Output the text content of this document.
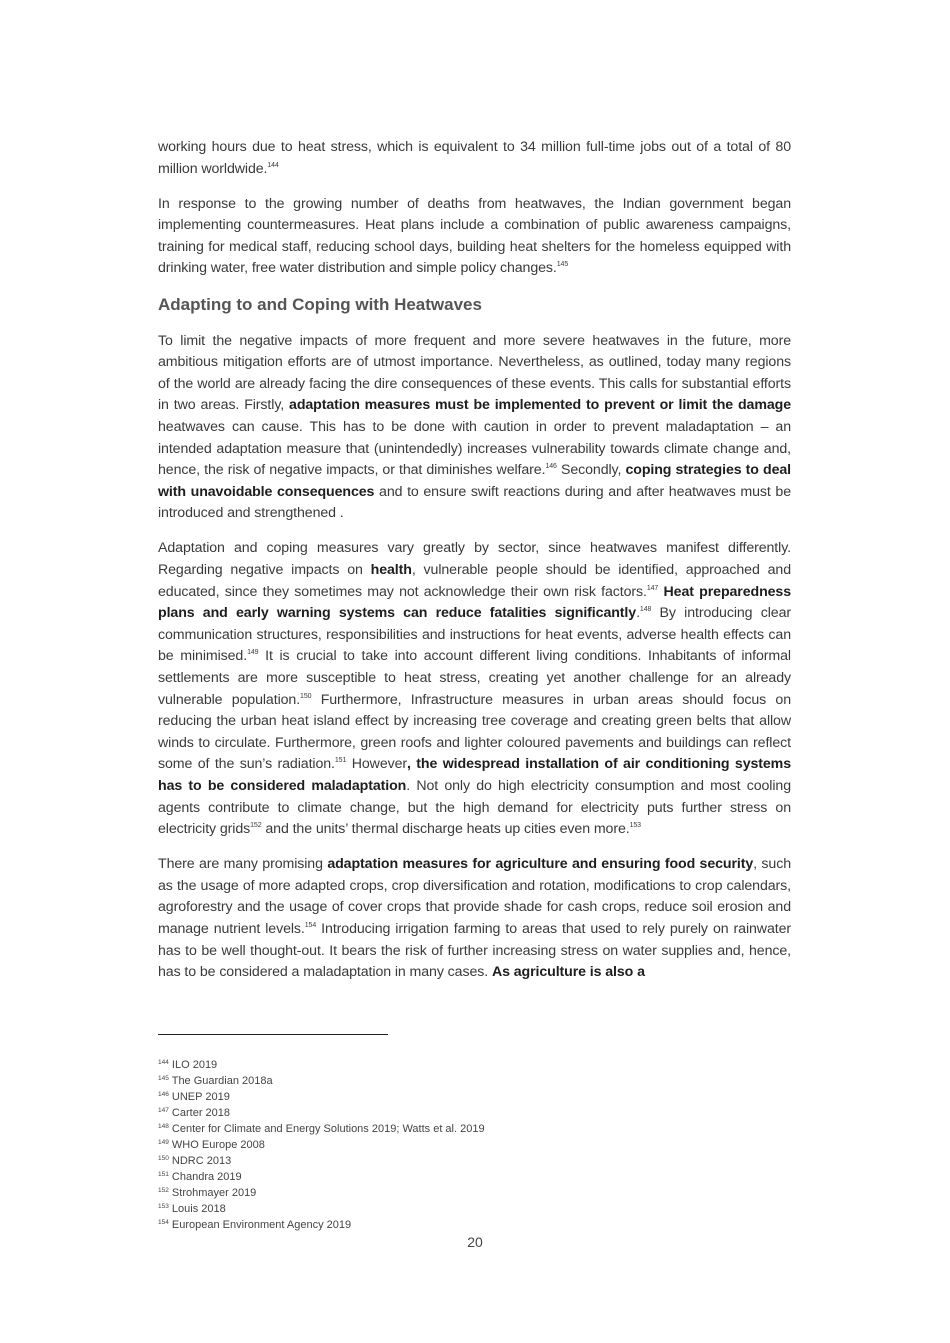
working hours due to heat stress, which is equivalent to 34 million full-time jobs out of a total of 80 million worldwide.$^{144}$

In response to the growing number of deaths from heatwaves, the Indian government began implementing countermeasures. Heat plans include a combination of public awareness campaigns, training for medical staff, reducing school days, building heat shelters for the homeless equipped with drinking water, free water distribution and simple policy changes.$^{145}$

Adapting to and Coping with Heatwaves

To limit the negative impacts of more frequent and more severe heatwaves in the future, more ambitious mitigation efforts are of utmost importance. Nevertheless, as outlined, today many regions of the world are already facing the dire consequences of these events. This calls for substantial efforts in two areas. Firstly, adaptation measures must be implemented to prevent or limit the damage heatwaves can cause. This has to be done with caution in order to prevent maladaptation – an intended adaptation measure that (unintendedly) increases vulnerability towards climate change and, hence, the risk of negative impacts, or that diminishes welfare.$^{146}$ Secondly, coping strategies to deal with unavoidable consequences and to ensure swift reactions during and after heatwaves must be introduced and strengthened .

Adaptation and coping measures vary greatly by sector, since heatwaves manifest differently. Regarding negative impacts on health, vulnerable people should be identified, approached and educated, since they sometimes may not acknowledge their own risk factors.$^{147}$ Heat preparedness plans and early warning systems can reduce fatalities significantly.$^{148}$ By introducing clear communication structures, responsibilities and instructions for heat events, adverse health effects can be minimised.$^{149}$ It is crucial to take into account different living conditions. Inhabitants of informal settlements are more susceptible to heat stress, creating yet another challenge for an already vulnerable population.$^{150}$ Furthermore, Infrastructure measures in urban areas should focus on reducing the urban heat island effect by increasing tree coverage and creating green belts that allow winds to circulate. Furthermore, green roofs and lighter coloured pavements and buildings can reflect some of the sun’s radiation.$^{151}$ However, the widespread installation of air conditioning systems has to be considered maladaptation. Not only do high electricity consumption and most cooling agents contribute to climate change, but the high demand for electricity puts further stress on electricity grids$^{152}$ and the units’ thermal discharge heats up cities even more.$^{153}$

There are many promising adaptation measures for agriculture and ensuring food security, such as the usage of more adapted crops, crop diversification and rotation, modifications to crop calendars, agroforestry and the usage of cover crops that provide shade for cash crops, reduce soil erosion and manage nutrient levels.$^{154}$ Introducing irrigation farming to areas that used to rely purely on rainwater has to be well thought-out. It bears the risk of further increasing stress on water supplies and, hence, has to be considered a maladaptation in many cases. As agriculture is also a

$^{144}$ ILO 2019
$^{145}$ The Guardian 2018a
$^{146}$ UNEP 2019
$^{147}$ Carter 2018
$^{148}$ Center for Climate and Energy Solutions 2019; Watts et al. 2019
$^{149}$ WHO Europe 2008
$^{150}$ NDRC 2013
$^{151}$ Chandra 2019
$^{152}$ Strohmayer 2019
$^{153}$ Louis 2018
$^{154}$ European Environment Agency 2019
20
